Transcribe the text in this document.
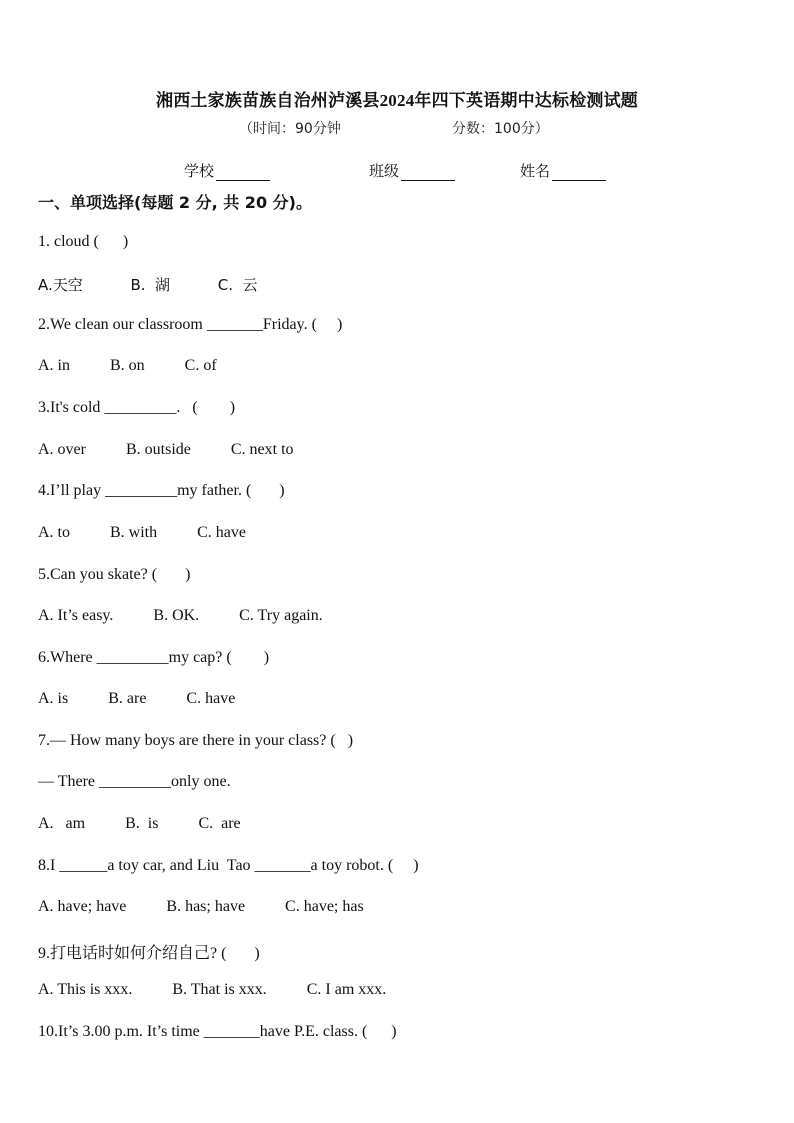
湘西土家族苗族自治州泸溪县2024年四下英语期中达标检测试题
（时间：90分钟	分数：100分）
学校	班级	姓名
一、单项选择(每题 2 分, 共 20 分)。
1. cloud (      )
A.天空          B.  湖          C.  云
2.We clean our classroom _______Friday. (     )
A. in          B. on          C. of
3.It's cold _________.   (        )
A. over          B. outside          C. next to
4.I’ll play _________my father. (       )
A. to          B. with          C. have
5.Can you skate? (       )
A. It’s easy.          B. OK.          C. Try again.
6.Where _________my cap? (        )
A. is          B. are          C. have
7.— How many boys are there in your class? (   )
— There _________only one.
A.   am          B.  is          C.  are
8.I ______a toy car, and Liu  Tao _______a toy robot. (     )
A. have; have          B. has; have          C. have; has
9.打电话时如何介绍自己? (       )
A. This is xxx.          B. That is xxx.          C. I am xxx.
10.It’s 3.00 p.m. It’s time _______have P.E. class. (      )
